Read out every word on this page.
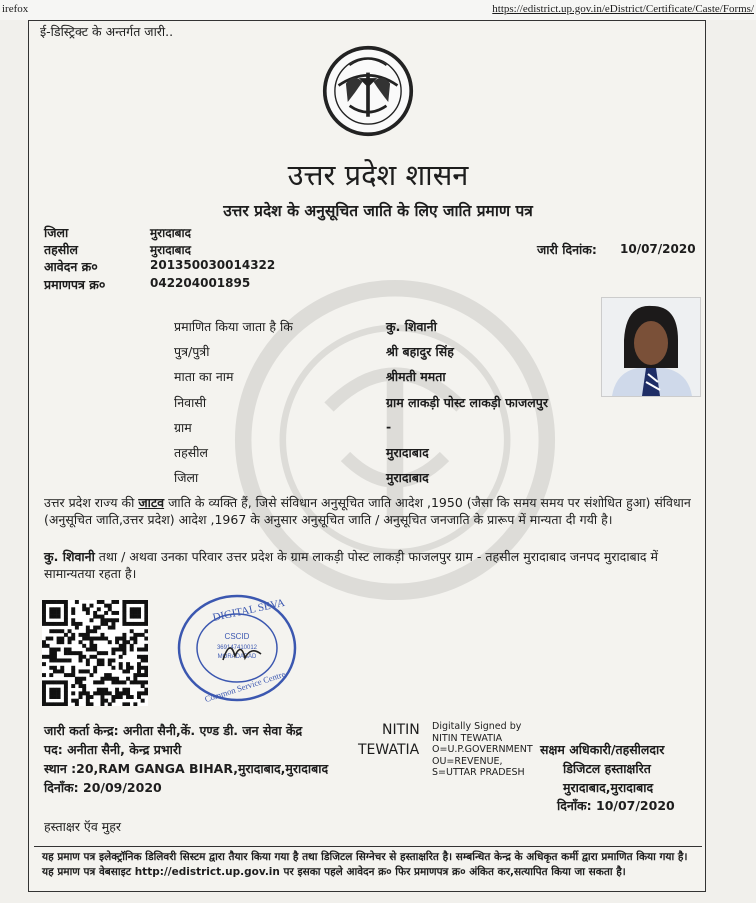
irefox	https://edistrict.up.gov.in/eDistrict/Certificate/Caste/Forms/
ई-डिस्ट्रिक्ट के अन्तर्गत जारी..
उत्तर प्रदेश शासन
उत्तर प्रदेश के अनुसूचित जाति के लिए जाति प्रमाण पत्र
जिला	मुरादाबाद
तहसील	मुरादाबाद
आवेदन क्र०	201350030014322
प्रमाणपत्र क्र०	042204001895
जारी दिनांक: 10/07/2020
प्रमाणित किया जाता है कि	कु. शिवानी
पुत्र/पुत्री	श्री बहादुर सिंह
माता का नाम	श्रीमती ममता
निवासी	ग्राम लाकड़ी पोस्ट लाकड़ी फाजलपुर
ग्राम	-
तहसील	मुरादाबाद
जिला	मुरादाबाद
उत्तर प्रदेश राज्य की जाटव जाति के व्यक्ति हैं, जिसे संविधान अनुसूचित जाति आदेश ,1950 (जैसा कि समय समय पर संशोधित हुआ) संविधान (अनुसूचित जाति,उत्तर प्रदेश) आदेश ,1967 के अनुसार अनुसूचित जाति / अनुसूचित जनजाति के प्रारूप में मान्यता दी गयी है।
कु. शिवानी तथा / अथवा उनका परिवार उत्तर प्रदेश के ग्राम लाकड़ी पोस्ट लाकड़ी फाजलपुर ग्राम - तहसील मुरादाबाद जनपद मुरादाबाद में सामान्यतया रहता है।
DIGITAL SEVA
CSCID
369147410012
MORADABAD
Common Service Centre
जारी कर्ता केन्द्र: अनीता सैनी,कें. एण्ड डी. जन सेवा केंद्र
पद: अनीता सैनी, केन्द्र प्रभारी
स्थान :20,RAM GANGA BIHAR,मुरादाबाद,मुरादाबाद
दिनाँक: 20/09/2020
NITIN
TEWATIA
Digitally Signed by
NITIN TEWATIA
O=U.P.GOVERNMENT
OU=REVENUE,
S=UTTAR PRADESH
सक्षम अधिकारी/तहसीलदार
डिजिटल हस्ताक्षरित
मुरादाबाद,मुरादाबाद
दिनाँक: 10/07/2020
हस्ताक्षर ऍव मुहर
यह प्रमाण पत्र इलेक्ट्रॉनिक डिलिवरी सिस्टम द्वारा तैयार किया गया है तथा डिजिटल सिग्नेचर से हस्ताक्षरित है। सम्बन्धित केन्द्र के अधिकृत कर्मी द्वारा प्रमाणित किया गया है। यह प्रमाण पत्र वेबसाइट http://edistrict.up.gov.in पर इसका पहले आवेदन क्र० फिर प्रमाणपत्र क्र० अंकित कर,सत्यापित किया जा सकता है।
